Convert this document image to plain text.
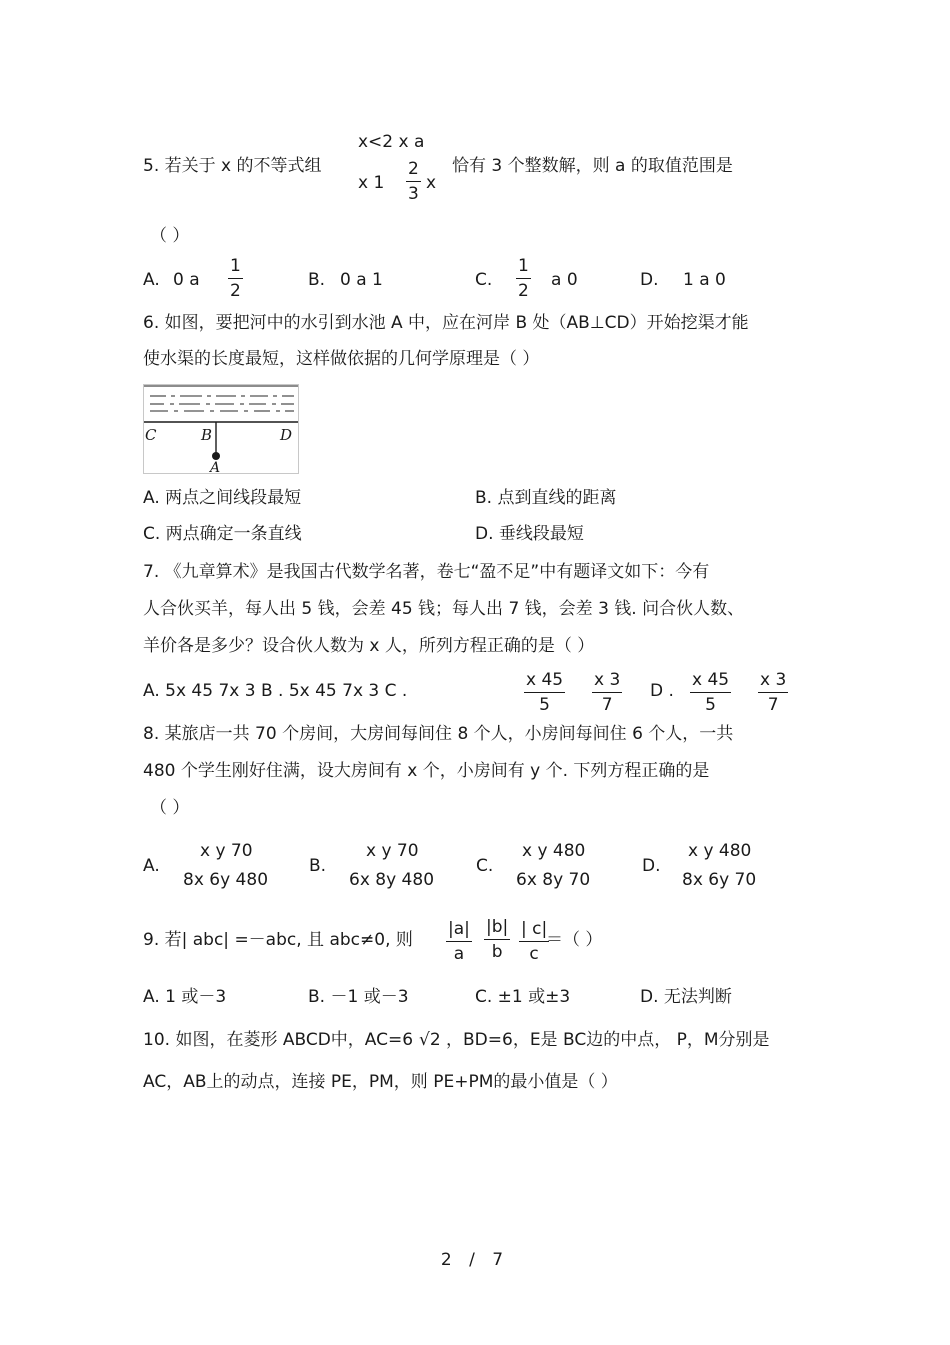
x<2 x a
5. 若关于 x 的不等式组
x $1 \frac{2}{3}$ x
恰有 3 个整数解，则 a 的取值范围是
（ ）
A. 0 a $\frac{1}{2}$	B. 0 a 1	C. $\frac{1}{2}$ a 0	D. 1 a 0
6. 如图，要把河中的水引到水池 A 中，应在河岸 B 处（AB⊥CD）开始挖渠才能
使水渠的长度最短，这样做依据的几何学原理是（ ）
C	B	D
A
A. 两点之间线段最短	B. 点到直线的距离
C. 两点确定一条直线	D. 垂线段最短
7. 《九章算术》是我国古代数学名著，卷七“盈不足”中有题译文如下：今有
人合伙买羊，每人出 5 钱，会差 45 钱；每人出 7 钱，会差 3 钱. 问合伙人数、
羊价各是多少？设合伙人数为 x 人，所列方程正确的是（ ）
A. 5x 45 7x 3 B . 5x 45 7x 3 C .	$\frac{x 45}{5} \frac{x 3}{7}$ D . $\frac{x 45}{5} \frac{x 3}{7}$
8. 某旅店一共 70 个房间，大房间每间住 8 个人，小房间每间住 6 个人，一共
480 个学生刚好住满，设大房间有 x 个，小房间有 y 个. 下列方程正确的是
（ ）
A.
x y 70
8x 6y 480
B.
x y 70
6x 8y 480
C.
x y 480
6x 8y 70
D.
x y 480
8x 6y 70
9. 若| abc| =－abc, 且 abc≠0, 则 $\frac{|a|}{a} \frac{|b|}{b} \frac{| c|}{c}$
＝（ ）
A. 1 或－3	B. －1 或－3	C. ±1 或±3	D. 无法判断
10. 如图，在菱形 ABCD中，AC=6 √2 ，BD=6，E是 BC边的中点， P，M分别是
AC，AB上的动点，连接 PE，PM，则 PE+PM的最小值是（ ）
2 / 7
